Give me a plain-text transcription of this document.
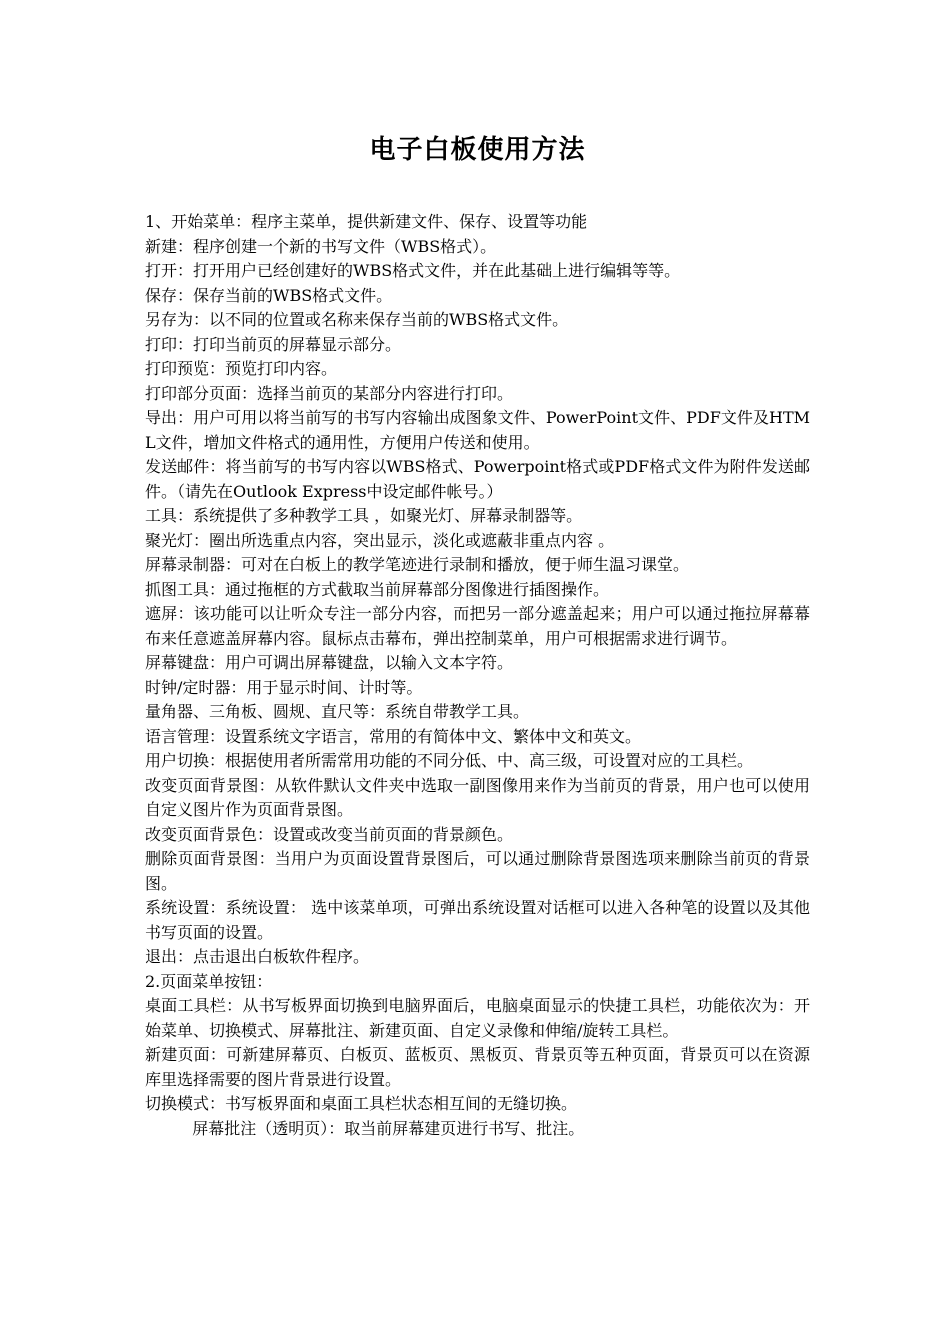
电子白板使用方法

1、开始菜单：程序主菜单，提供新建文件、保存、设置等功能

新建：程序创建一个新的书写文件（WBS格式）。

打开：打开用户已经创建好的WBS格式文件，并在此基础上进行编辑等等。

保存：保存当前的WBS格式文件。

另存为：以不同的位置或名称来保存当前的WBS格式文件。

打印：打印当前页的屏幕显示部分。

打印预览：预览打印内容。

打印部分页面：选择当前页的某部分内容进行打印。

导出：用户可用以将当前写的书写内容输出成图象文件、PowerPoint文件、PDF文件及HTML文件，增加文件格式的通用性，方便用户传送和使用。

发送邮件：将当前写的书写内容以WBS格式、Powerpoint格式或PDF格式文件为附件发送邮件。（请先在Outlook Express中设定邮件帐号。）

工具：系统提供了多种教学工具 ，如聚光灯、屏幕录制器等。

聚光灯：圈出所选重点内容，突出显示，淡化或遮蔽非重点内容 。

屏幕录制器：可对在白板上的教学笔迹进行录制和播放，便于师生温习课堂。

抓图工具：通过拖框的方式截取当前屏幕部分图像进行插图操作。

遮屏：该功能可以让听众专注一部分内容，而把另一部分遮盖起来；用户可以通过拖拉屏幕幕布来任意遮盖屏幕内容。鼠标点击幕布，弹出控制菜单，用户可根据需求进行调节。

屏幕键盘：用户可调出屏幕键盘，以输入文本字符。

时钟/定时器：用于显示时间、计时等。

量角器、三角板、圆规、直尺等：系统自带教学工具。

语言管理：设置系统文字语言，常用的有简体中文、繁体中文和英文。

用户切换：根据使用者所需常用功能的不同分低、中、高三级，可设置对应的工具栏。

改变页面背景图：从软件默认文件夹中选取一副图像用来作为当前页的背景，用户也可以使用自定义图片作为页面背景图。

改变页面背景色：设置或改变当前页面的背景颜色。

删除页面背景图：当用户为页面设置背景图后，可以通过删除背景图选项来删除当前页的背景图。

系统设置：系统设置： 选中该菜单项，可弹出系统设置对话框可以进入各种笔的设置以及其他书写页面的设置。

退出：点击退出白板软件程序。

2.页面菜单按钮：

桌面工具栏：从书写板界面切换到电脑界面后，电脑桌面显示的快捷工具栏，功能依次为：开始菜单、切换模式、屏幕批注、新建页面、自定义录像和伸缩/旋转工具栏。

新建页面：可新建屏幕页、白板页、蓝板页、黑板页、背景页等五种页面，背景页可以在资源库里选择需要的图片背景进行设置。

切换模式：书写板界面和桌面工具栏状态相互间的无缝切换。

屏幕批注（透明页）：取当前屏幕建页进行书写、批注。
